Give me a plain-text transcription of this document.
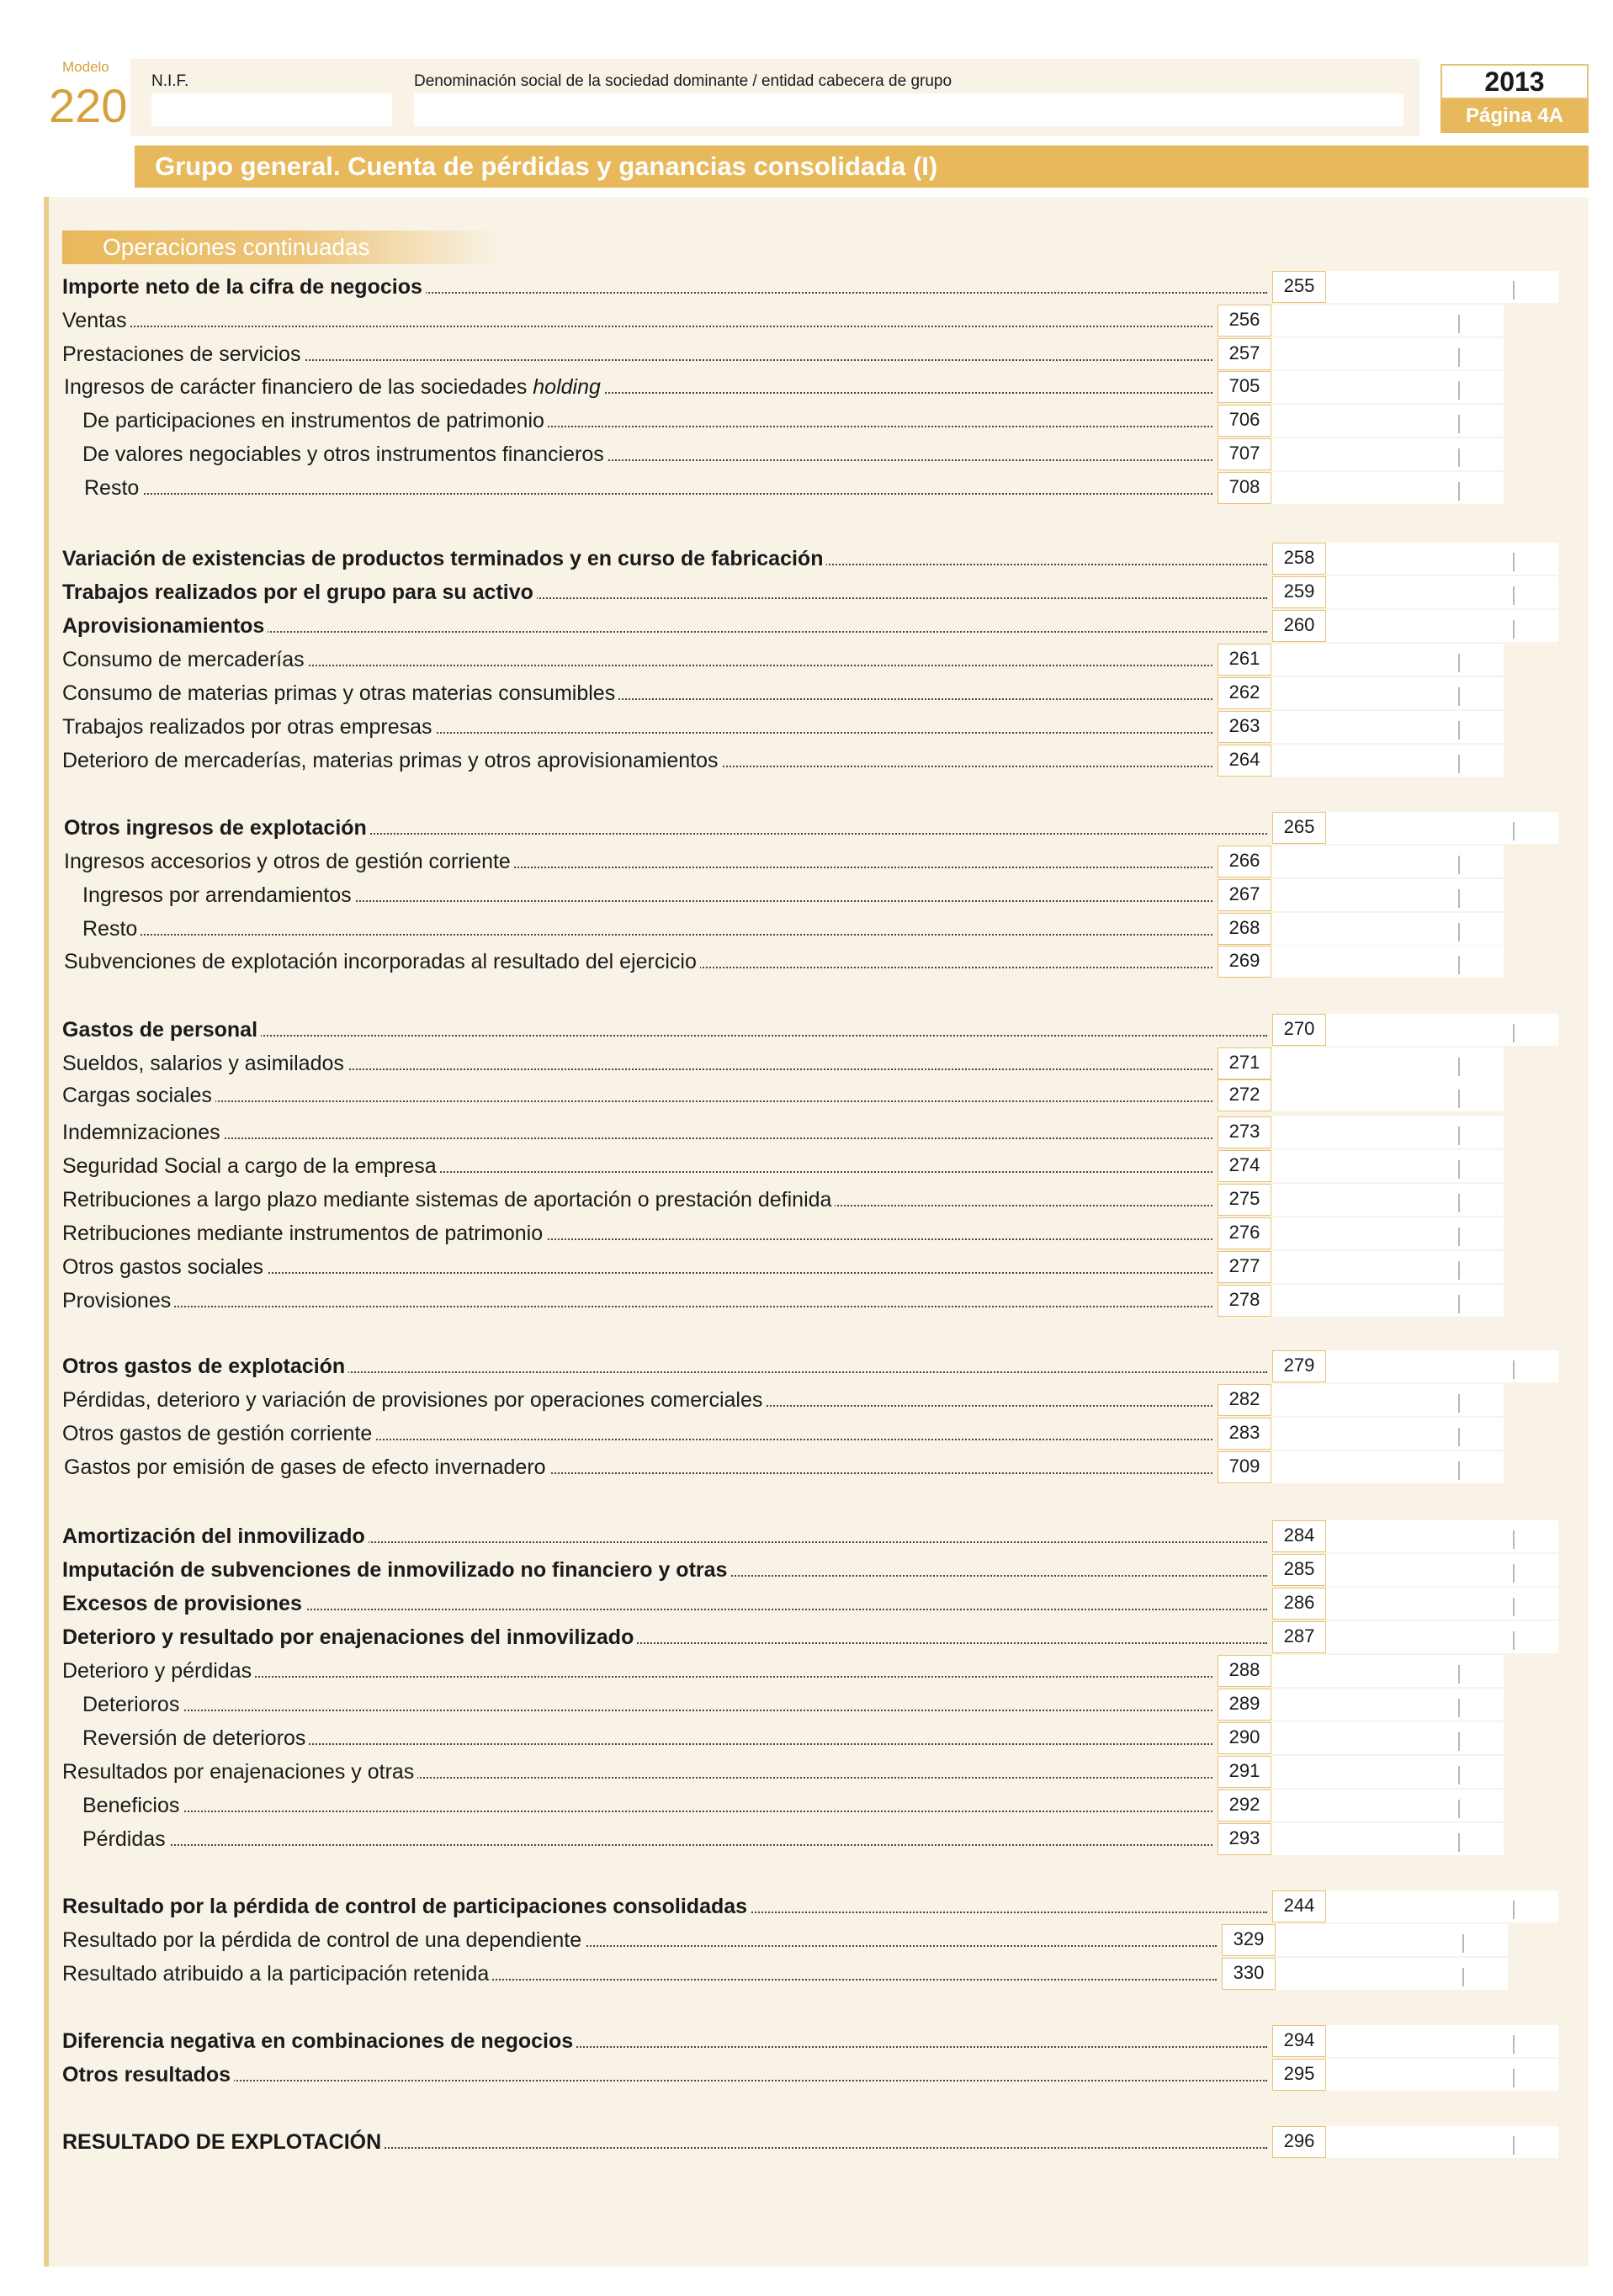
Modelo
220 N.I.F.	Denominación social de la sociedad dominante / entidad cabecera de grupo	2013
Página 4A
Grupo general. Cuenta de pérdidas y ganancias consolidada (I)
Operaciones continuadas
Importe neto de la cifra de negocios	255
Ventas	256
Prestaciones de servicios	257
Ingresos de carácter financiero de las sociedades holding	705
De participaciones en instrumentos de patrimonio	706
De valores negociables y otros instrumentos financieros	707
Resto	708
Variación de existencias de productos terminados y en curso de fabricación	258
Trabajos realizados por el grupo para su activo	259
Aprovisionamientos	260
Consumo de mercaderías	261
Consumo de materias primas y otras materias consumibles	262
Trabajos realizados por otras empresas	263
Deterioro de mercaderías, materias primas y otros aprovisionamientos	264
Otros ingresos de explotación	265
Ingresos accesorios y otros de gestión corriente	266
Ingresos por arrendamientos	267
Resto	268
Subvenciones de explotación incorporadas al resultado del ejercicio	269
Gastos de personal	270
Sueldos, salarios y asimilados	271
Cargas sociales	272
Indemnizaciones	273
Seguridad Social a cargo de la empresa	274
Retribuciones a largo plazo mediante sistemas de aportación o prestación definida	275
Retribuciones mediante instrumentos de patrimonio	276
Otros gastos sociales	277
Provisiones	278
Otros gastos de explotación	279
Pérdidas, deterioro y variación de provisiones por operaciones comerciales	282
Otros gastos de gestión corriente	283
Gastos por emisión de gases de efecto invernadero	709
Amortización del inmovilizado	284
Imputación de subvenciones de inmovilizado no financiero y otras	285
Excesos de provisiones	286
Deterioro y resultado por enajenaciones del inmovilizado	287
Deterioro y pérdidas	288
Deterioros	289
Reversión de deterioros	290
Resultados por enajenaciones y otras	291
Beneficios	292
Pérdidas	293
Resultado por la pérdida de control de participaciones consolidadas	244
Resultado por la pérdida de control de una dependiente	329
Resultado atribuido a la participación retenida	330
Diferencia negativa en combinaciones de negocios	294
Otros resultados	295
RESULTADO DE EXPLOTACIÓN	296
